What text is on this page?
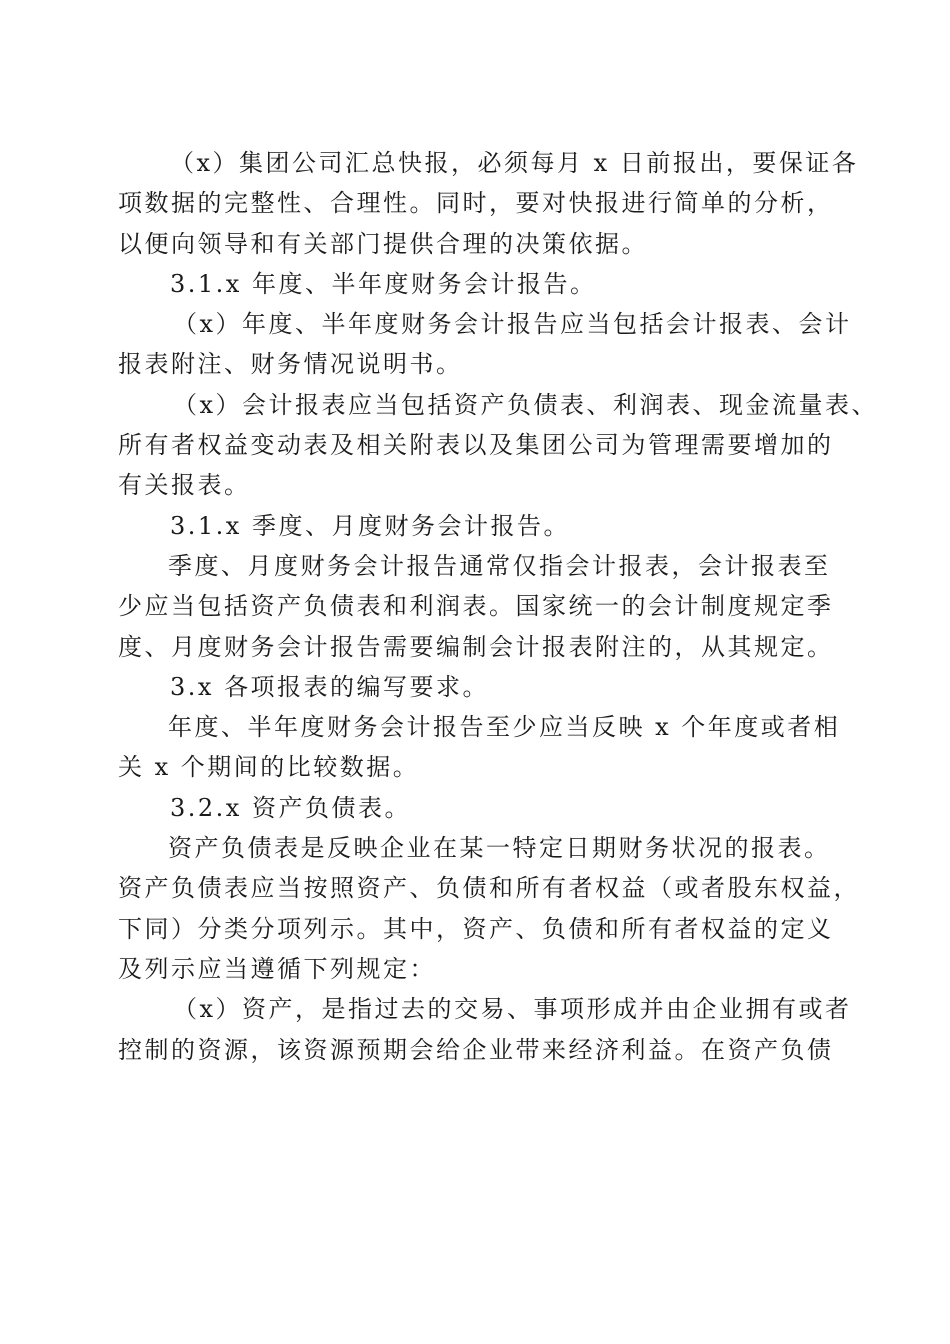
（x）集团公司汇总快报，必须每月 x 日前报出，要保证各
项数据的完整性、合理性。同时，要对快报进行简单的分析，
以便向领导和有关部门提供合理的决策依据。
3.1.x 年度、半年度财务会计报告。
（x）年度、半年度财务会计报告应当包括会计报表、会计
报表附注、财务情况说明书。
（x）会计报表应当包括资产负债表、利润表、现金流量表、
所有者权益变动表及相关附表以及集团公司为管理需要增加的
有关报表。
3.1.x 季度、月度财务会计报告。
季度、月度财务会计报告通常仅指会计报表，会计报表至
少应当包括资产负债表和利润表。国家统一的会计制度规定季
度、月度财务会计报告需要编制会计报表附注的，从其规定。
3.x 各项报表的编写要求。
年度、半年度财务会计报告至少应当反映 x 个年度或者相
关 x 个期间的比较数据。
3.2.x 资产负债表。
资产负债表是反映企业在某一特定日期财务状况的报表。
资产负债表应当按照资产、负债和所有者权益（或者股东权益，
下同）分类分项列示。其中，资产、负债和所有者权益的定义
及列示应当遵循下列规定：
（x）资产，是指过去的交易、事项形成并由企业拥有或者
控制的资源，该资源预期会给企业带来经济利益。在资产负债
